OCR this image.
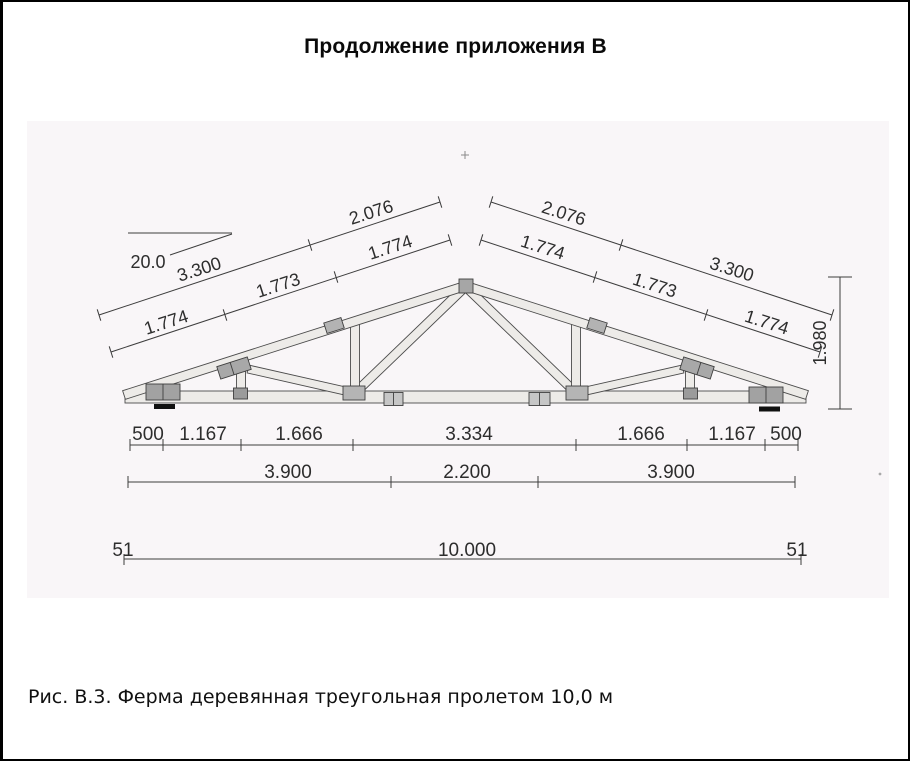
Продолжение приложения В
20.0 3.300
2.076
1.774
1.773
1.774
2.076
3.300
1.774
1.773
1.774 1.980
500 1.167	1.666	3.334	1.666 1.167 500
3.900	2.200	3.900
51	10.000	51
Рис. В.3. Ферма деревянная треугольная пролетом 10,0 м
